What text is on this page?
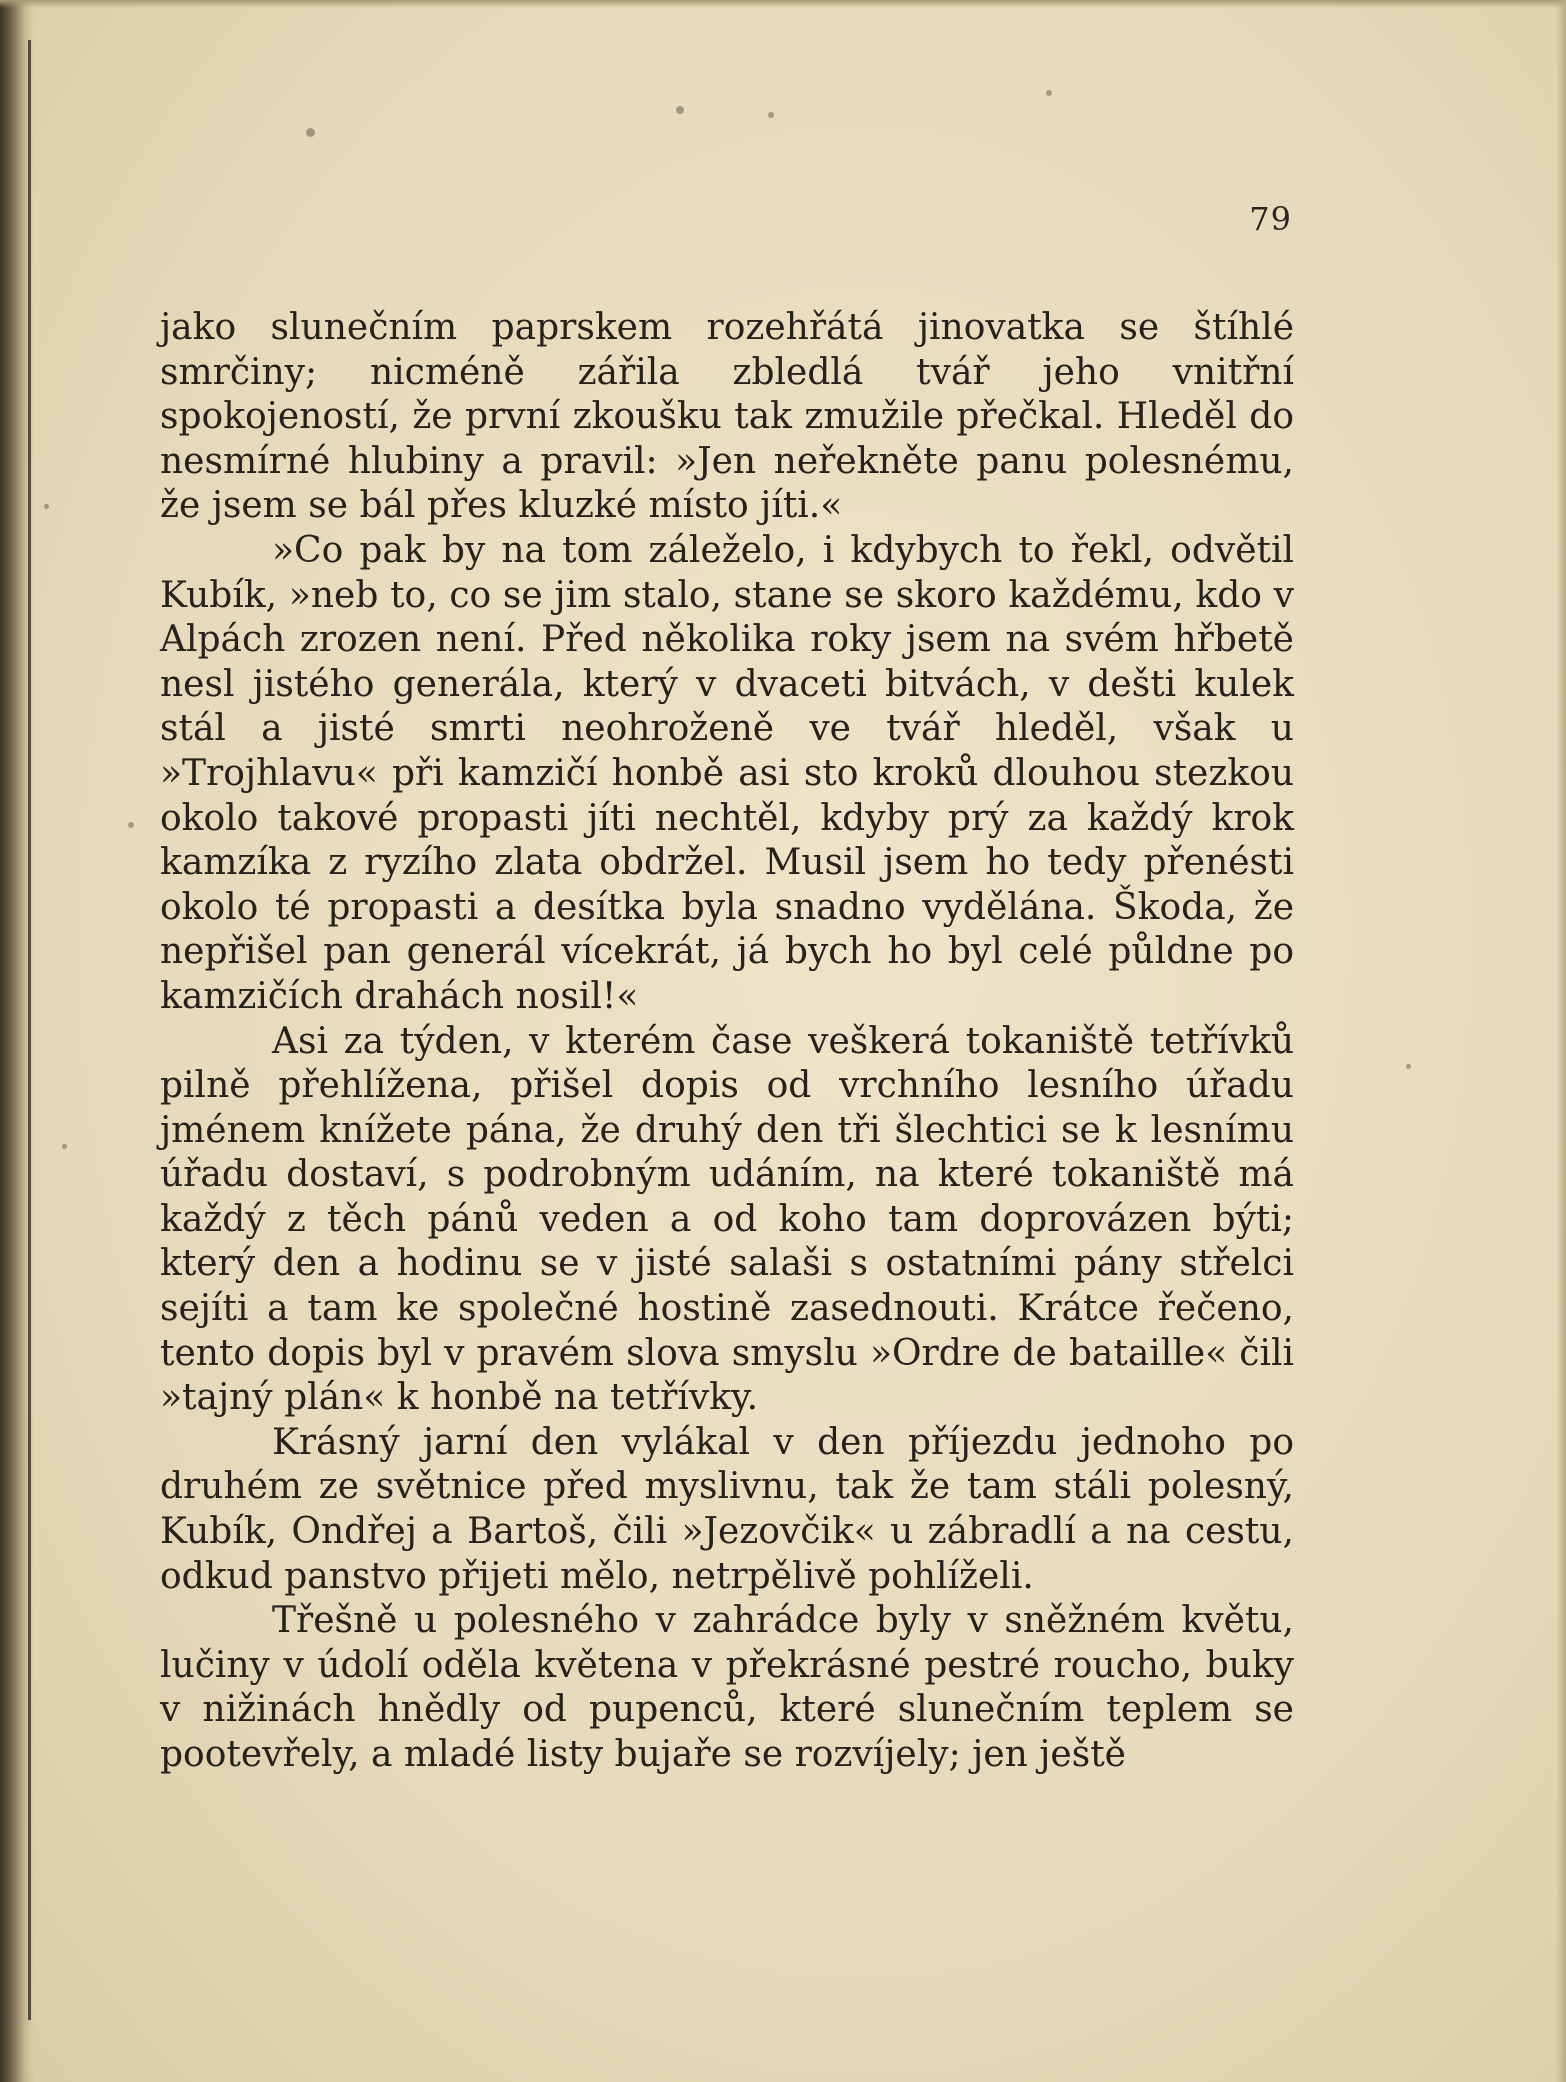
79

jako slunečním paprskem rozehřátá jinovatka se štíhlé smrčiny; nicméně zářila zbledlá tvář jeho vnitřní spokojeností, že první zkoušku tak zmužile přečkal. Hleděl do nesmírné hlubiny a pravil: »Jen neřekněte panu polesnému, že jsem se bál přes kluzké místo jíti.«

»Co pak by na tom záleželo, i kdybych to řekl, odvětil Kubík, »neb to, co se jim stalo, stane se skoro každému, kdo v Alpách zrozen není. Před několika roky jsem na svém hřbetě nesl jistého generála, který v dvaceti bitvách, v dešti kulek stál a jisté smrti neohroženě ve tvář hleděl, však u »Trojhlavu« při kamzičí honbě asi sto kroků dlouhou stezkou okolo takové propasti jíti nechtěl, kdyby prý za každý krok kamzíka z ryzího zlata obdržel. Musil jsem ho tedy přenésti okolo té propasti a desítka byla snadno vydělána. Škoda, že nepřišel pan generál vícekrát, já bych ho byl celé půldne po kamzičích drahách nosil!«

Asi za týden, v kterém čase veškerá tokaniště tetřívků pilně přehlížena, přišel dopis od vrchního lesního úřadu jménem knížete pána, že druhý den tři šlechtici se k lesnímu úřadu dostaví, s podrobným udáním, na které tokaniště má každý z těch pánů veden a od koho tam doprovázen býti; který den a hodinu se v jisté salaši s ostatními pány střelci sejíti a tam ke společné hostině zasednouti. Krátce řečeno, tento dopis byl v pravém slova smyslu »Ordre de bataille« čili »tajný plán« k honbě na tetřívky.

Krásný jarní den vylákal v den příjezdu jednoho po druhém ze světnice před myslivnu, tak že tam stáli polesný, Kubík, Ondřej a Bartoš, čili »Jezovčik« u zábradlí a na cestu, odkud panstvo přijeti mělo, netrpělivě pohlíželi.

Třešně u polesného v zahrádce byly v sněžném květu, lučiny v údolí oděla květena v překrásné pestré roucho, buky v nižinách hnědly od pupenců, které slunečním teplem se pootevřely, a mladé listy bujaře se rozvíjely; jen ještě
